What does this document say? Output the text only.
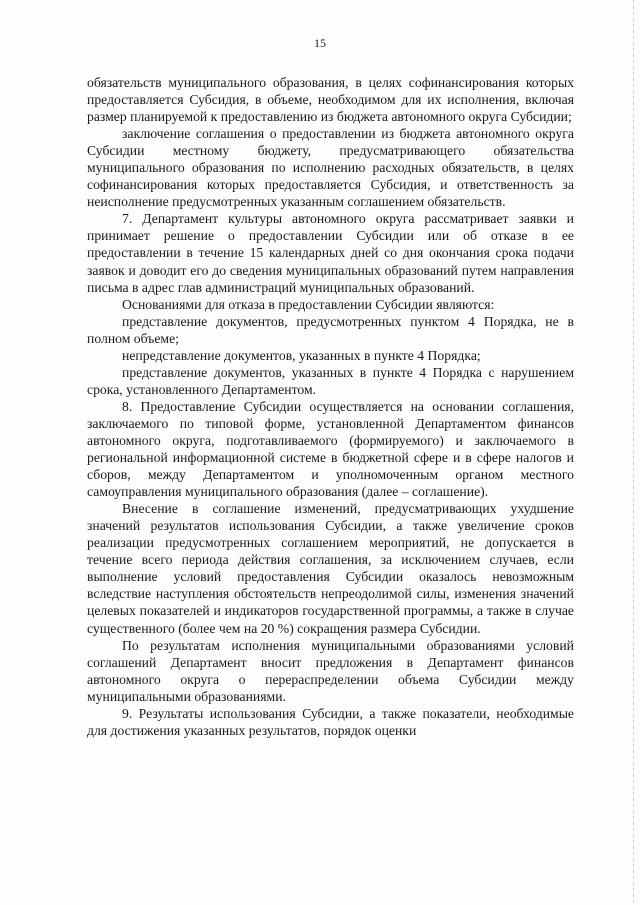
15

обязательств муниципального образования, в целях софинансирования которых предоставляется Субсидия, в объеме, необходимом для их исполнения, включая размер планируемой к предоставлению из бюджета автономного округа Субсидии;

заключение соглашения о предоставлении из бюджета автономного округа Субсидии местному бюджету, предусматривающего обязательства муниципального образования по исполнению расходных обязательств, в целях софинансирования которых предоставляется Субсидия, и ответственность за неисполнение предусмотренных указанным соглашением обязательств.

7. Департамент культуры автономного округа рассматривает заявки и принимает решение о предоставлении Субсидии или об отказе в ее предоставлении в течение 15 календарных дней со дня окончания срока подачи заявок и доводит его до сведения муниципальных образований путем направления письма в адрес глав администраций муниципальных образований.

Основаниями для отказа в предоставлении Субсидии являются:

представление документов, предусмотренных пунктом 4 Порядка, не в полном объеме;

непредставление документов, указанных в пункте 4 Порядка;

представление документов, указанных в пункте 4 Порядка с нарушением срока, установленного Департаментом.

8. Предоставление Субсидии осуществляется на основании соглашения, заключаемого по типовой форме, установленной Департаментом финансов автономного округа, подготавливаемого (формируемого) и заключаемого в региональной информационной системе в бюджетной сфере и в сфере налогов и сборов, между Департаментом и уполномоченным органом местного самоуправления муниципального образования (далее – соглашение).

Внесение в соглашение изменений, предусматривающих ухудшение значений результатов использования Субсидии, а также увеличение сроков реализации предусмотренных соглашением мероприятий, не допускается в течение всего периода действия соглашения, за исключением случаев, если выполнение условий предоставления Субсидии оказалось невозможным вследствие наступления обстоятельств непреодолимой силы, изменения значений целевых показателей и индикаторов государственной программы, а также в случае существенного (более чем на 20 %) сокращения размера Субсидии.

По результатам исполнения муниципальными образованиями условий соглашений Департамент вносит предложения в Департамент финансов автономного округа о перераспределении объема Субсидии между муниципальными образованиями.

9. Результаты использования Субсидии, а также показатели, необходимые для достижения указанных результатов, порядок оценки
